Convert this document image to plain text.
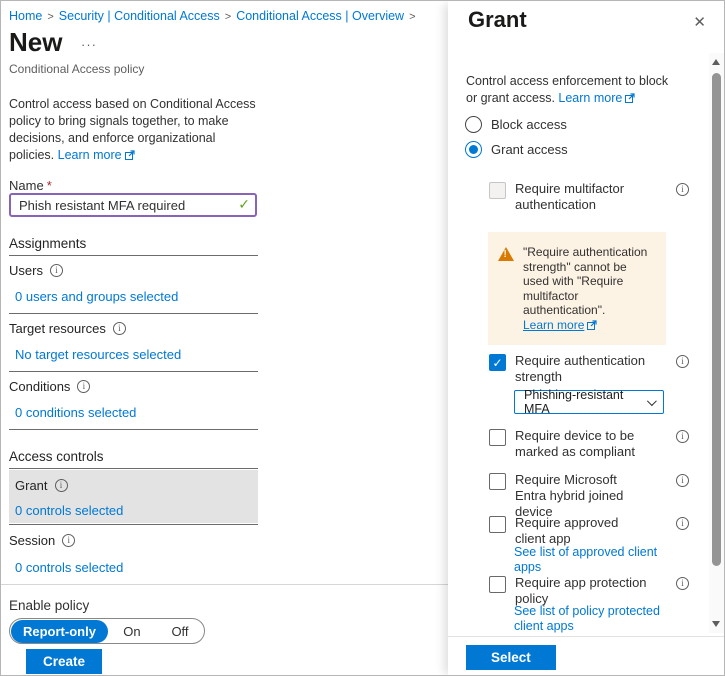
Home > Security | Conditional Access > Conditional Access | Overview >
New ···
Conditional Access policy
Control access based on Conditional Access policy to bring signals together, to make decisions, and enforce organizational policies. Learn more
Name *
Phish resistant MFA required
✓
Assignments
Users
i
0 users and groups selected
Target resources
i
No target resources selected
Conditions
i
0 conditions selected
Access controls
Grant
i
0 controls selected
Session
i
0 controls selected
Enable policy
Report-only	On	Off
Create
Grant	✕
Control access enforcement to block or grant access. Learn more
Block access
Grant access
Require multifactor authentication
i
!
"Require authentication strength" cannot be used with "Require multifactor authentication".
Learn more
✓
Require authentication strength
i
Phishing-resistant MFA
Require device to be marked as compliant
i
Require Microsoft Entra hybrid joined device
i
Require approved client app
i
See list of approved client apps
Require app protection policy
i
See list of policy protected client apps
Select
